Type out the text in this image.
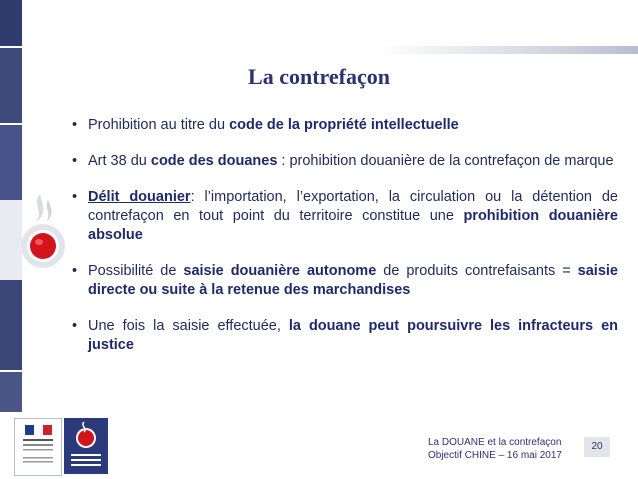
La contrefaçon
• Prohibition au titre du code de la propriété intellectuelle
• Art 38 du code des douanes : prohibition douanière de la contrefaçon de marque
• Délit douanier: l’importation, l’exportation, la circulation ou la détention de contrefaçon en tout point du territoire constitue une prohibition douanière absolue
• Possibilité de saisie douanière autonome de produits contrefaisants = saisie directe ou suite à la retenue des marchandises
• Une fois la saisie effectuée, la douane peut poursuivre les infracteurs en justice
La DOUANE et la contrefaçon
Objectif CHINE – 16 mai 2017
20
